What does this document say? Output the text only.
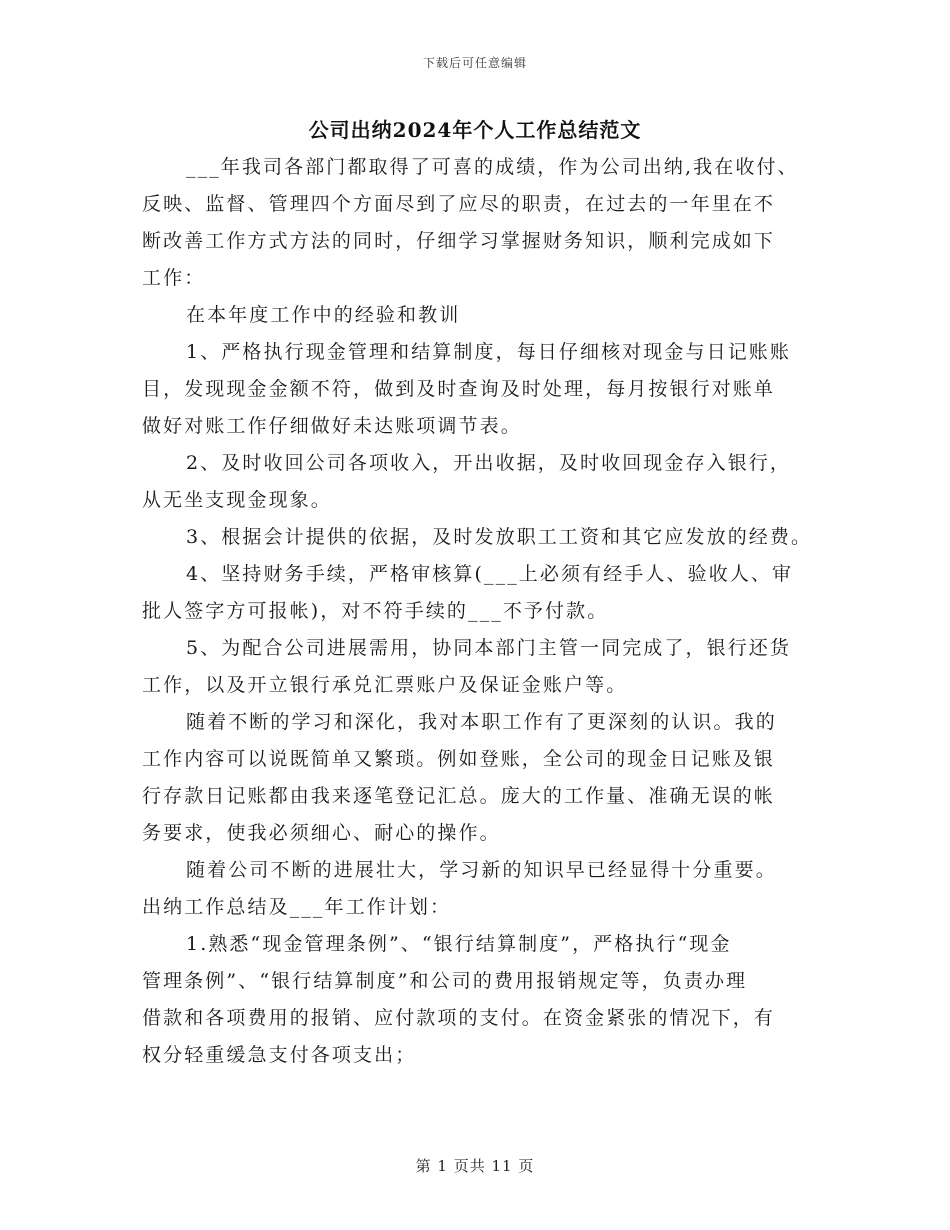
下载后可任意编辑
公司出纳2024年个人工作总结范文

___年我司各部门都取得了可喜的成绩，作为公司出纳,我在收付、
反映、监督、管理四个方面尽到了应尽的职责，在过去的一年里在不
断改善工作方式方法的同时，仔细学习掌握财务知识，顺利完成如下
工作：

在本年度工作中的经验和教训

1、严格执行现金管理和结算制度，每日仔细核对现金与日记账账
目，发现现金金额不符，做到及时查询及时处理，每月按银行对账单
做好对账工作仔细做好未达账项调节表。

2、及时收回公司各项收入，开出收据，及时收回现金存入银行，
从无坐支现金现象。

3、根据会计提供的依据，及时发放职工工资和其它应发放的经费。

4、坚持财务手续，严格审核算(___上必须有经手人、验收人、审
批人签字方可报帐)，对不符手续的___不予付款。

5、为配合公司进展需用，协同本部门主管一同完成了，银行还货
工作，以及开立银行承兑汇票账户及保证金账户等。

随着不断的学习和深化，我对本职工作有了更深刻的认识。我的
工作内容可以说既简单又繁琐。例如登账，全公司的现金日记账及银
行存款日记账都由我来逐笔登记汇总。庞大的工作量、准确无误的帐
务要求，使我必须细心、耐心的操作。

随着公司不断的进展壮大，学习新的知识早已经显得十分重要。
出纳工作总结及___年工作计划：

1.熟悉“现金管理条例”、“银行结算制度”，严格执行“现金
管理条例”、“银行结算制度”和公司的费用报销规定等，负责办理
借款和各项费用的报销、应付款项的支付。在资金紧张的情况下，有
权分轻重缓急支付各项支出；

第 1 页共 11 页
